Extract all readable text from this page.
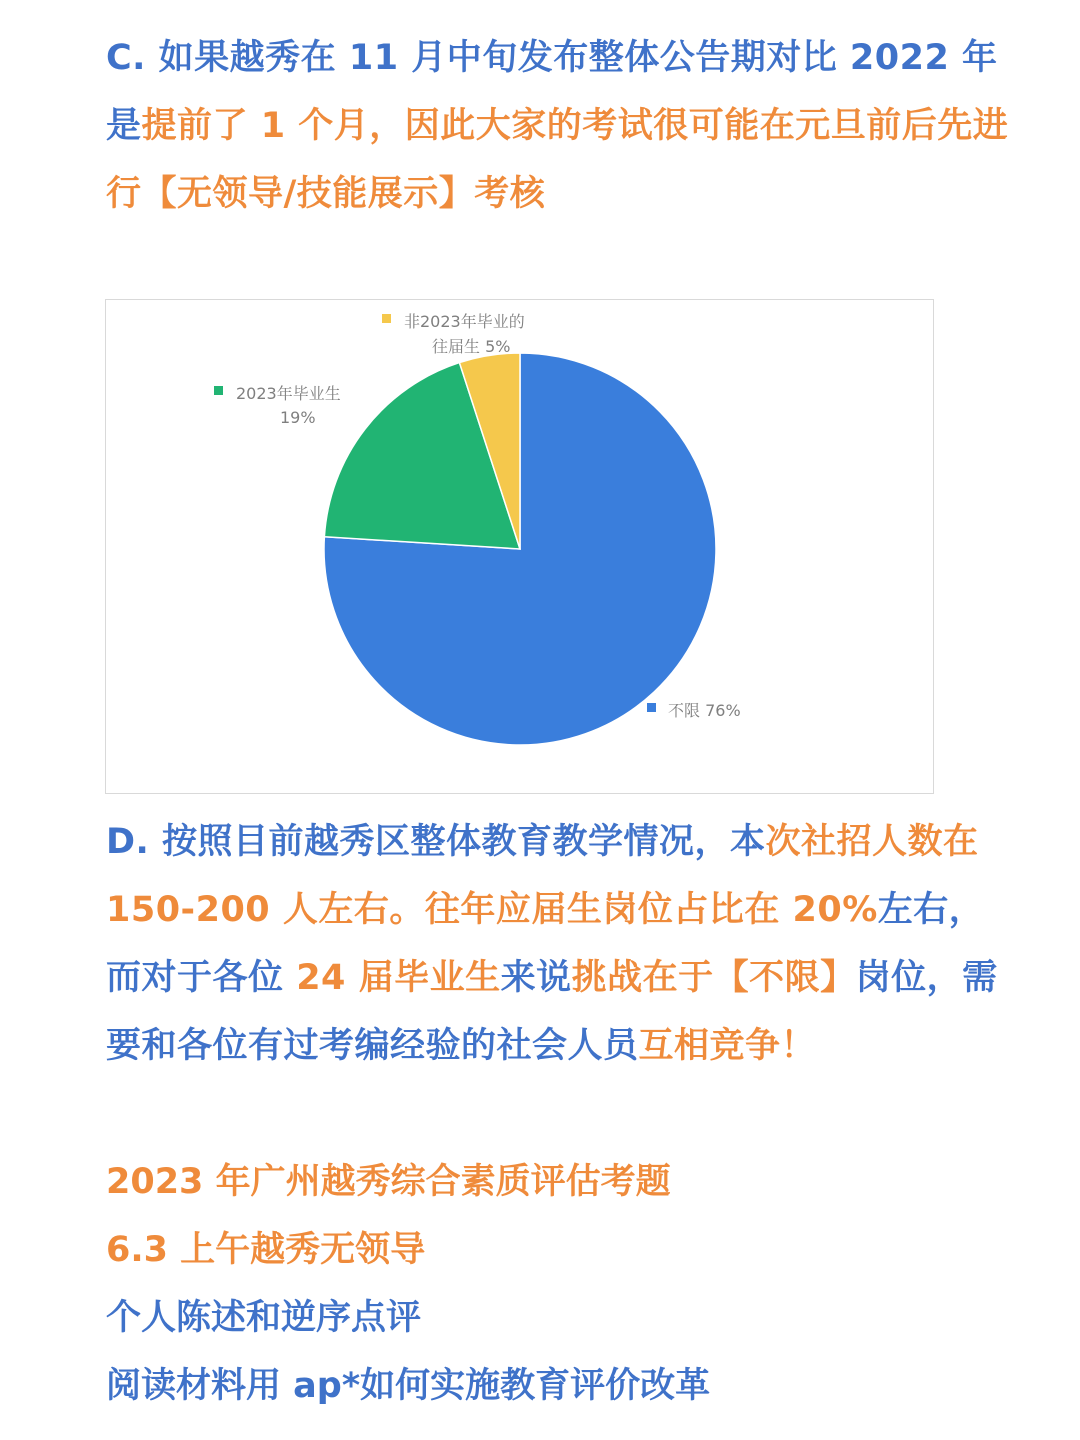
C. 如果越秀在 11 月中旬发布整体公告期对比 2022 年是提前了 1 个月，因此大家的考试很可能在元旦前后先进行【无领导/技能展示】考核
不限 76%
2023年毕业生
19%
非2023年毕业的
往届生 5%
D. 按照目前越秀区整体教育教学情况，本次社招人数在 150-200 人左右。往年应届生岗位占比在 20%左右，而对于各位 24 届毕业生来说挑战在于【不限】岗位，需要和各位有过考编经验的社会人员互相竞争！

2023 年广州越秀综合素质评估考题

6.3 上午越秀无领导

个人陈述和逆序点评

阅读材料用 ap*如何实施教育评价改革
